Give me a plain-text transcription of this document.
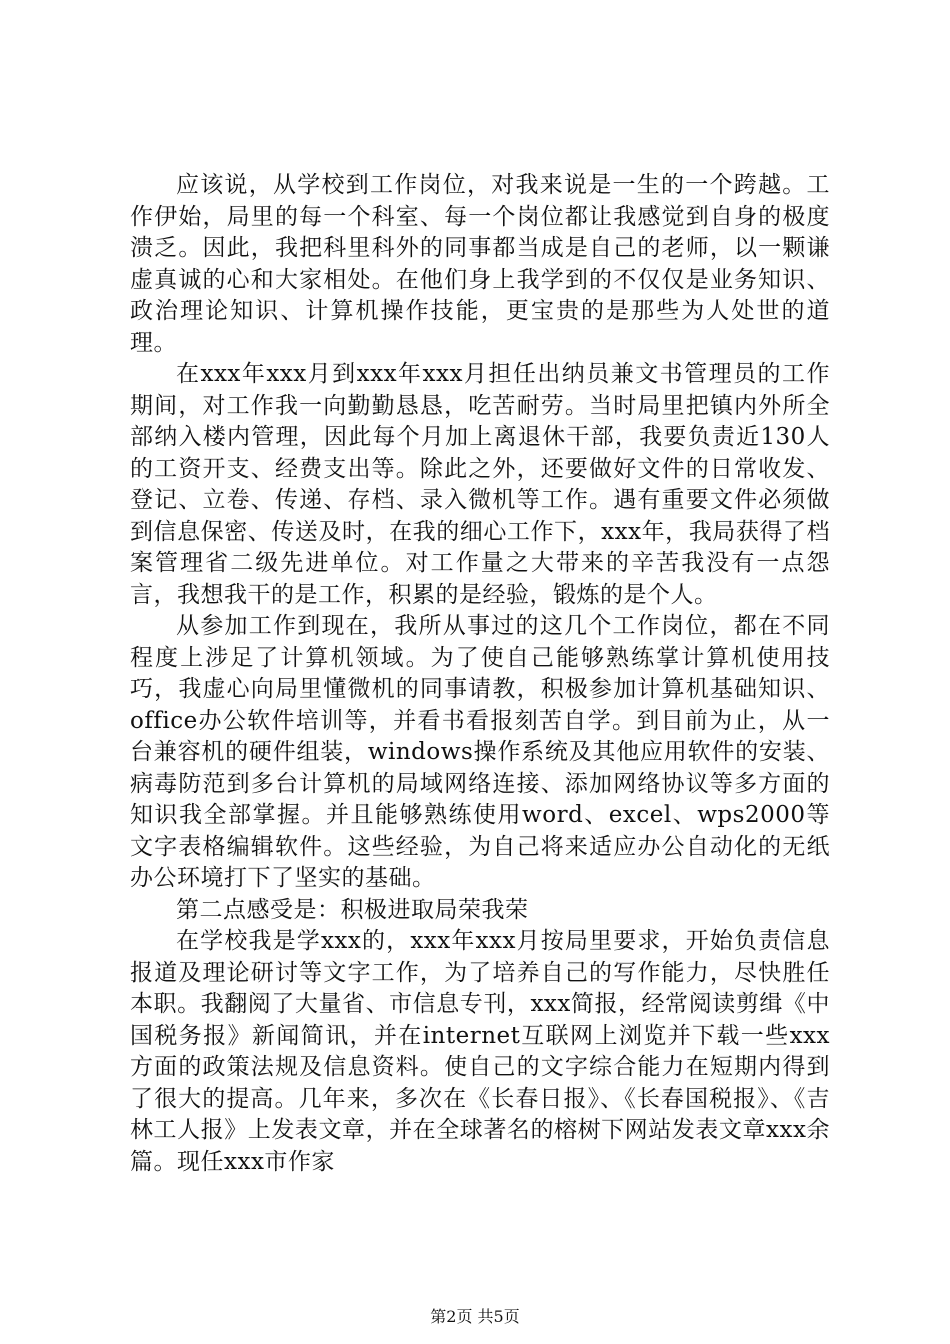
应该说，从学校到工作岗位，对我来说是一生的一个跨越。工作伊始，局里的每一个科室、每一个岗位都让我感觉到自身的极度溃乏。因此，我把科里科外的同事都当成是自己的老师，以一颗谦虚真诚的心和大家相处。在他们身上我学到的不仅仅是业务知识、政治理论知识、计算机操作技能，更宝贵的是那些为人处世的道理。

在xxx年xxx月到xxx年xxx月担任出纳员兼文书管理员的工作期间，对工作我一向勤勤恳恳，吃苦耐劳。当时局里把镇内外所全部纳入楼内管理，因此每个月加上离退休干部，我要负责近130人的工资开支、经费支出等。除此之外，还要做好文件的日常收发、登记、立卷、传递、存档、录入微机等工作。遇有重要文件必须做到信息保密、传送及时，在我的细心工作下，xxx年，我局获得了档案管理省二级先进单位。对工作量之大带来的辛苦我没有一点怨言，我想我干的是工作，积累的是经验，锻炼的是个人。

从参加工作到现在，我所从事过的这几个工作岗位，都在不同程度上涉足了计算机领域。为了使自己能够熟练掌计算机使用技巧，我虚心向局里懂微机的同事请教，积极参加计算机基础知识、office办公软件培训等，并看书看报刻苦自学。到目前为止，从一台兼容机的硬件组装，windows操作系统及其他应用软件的安装、病毒防范到多台计算机的局域网络连接、添加网络协议等多方面的知识我全部掌握。并且能够熟练使用word、excel、wps2000等文字表格编辑软件。这些经验，为自己将来适应办公自动化的无纸办公环境打下了坚实的基础。

第二点感受是：积极进取局荣我荣

在学校我是学xxx的，xxx年xxx月按局里要求，开始负责信息报道及理论研讨等文字工作，为了培养自己的写作能力，尽快胜任本职。我翻阅了大量省、市信息专刊，xxx简报，经常阅读剪缉《中国税务报》新闻简讯，并在internet互联网上浏览并下载一些xxx方面的政策法规及信息资料。使自己的文字综合能力在短期内得到了很大的提高。几年来，多次在《长春日报》、《长春国税报》、《吉林工人报》上发表文章，并在全球著名的榕树下网站发表文章xxx余篇。现任xxx市作家

第2页 共5页
